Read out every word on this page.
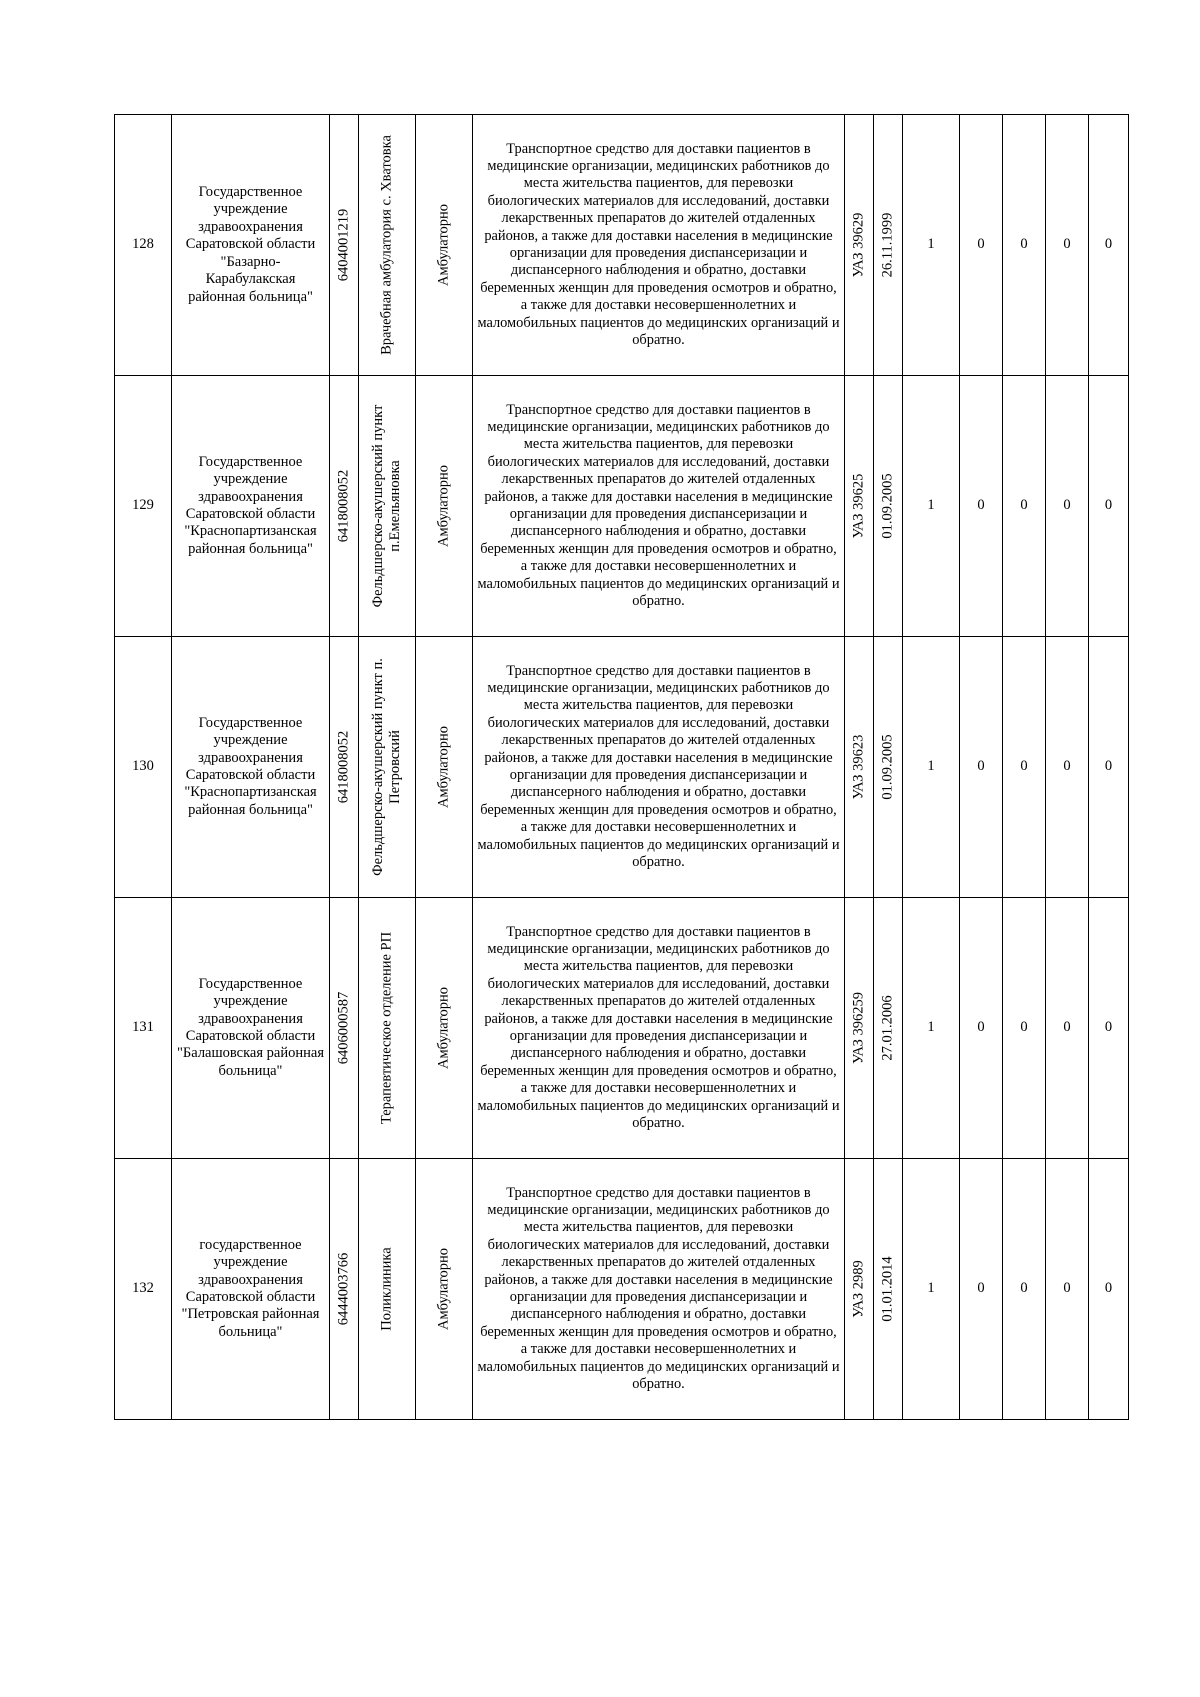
128	Государственное учреждение здравоохранения Саратовской области "Базарно-Карабулакская районная больница"	6404001219	Врачебная амбулатория с. Хватовка	Амбулаторно	Транспортное средство для доставки пациентов в медицинские организации, медицинских работников до места жительства пациентов, для перевозки биологических материалов для исследований, доставки лекарственных препаратов до жителей отдаленных районов, а также для доставки населения в медицинские организации для проведения диспансеризации и диспансерного наблюдения и обратно, доставки беременных женщин для проведения осмотров и обратно, а также для доставки несовершеннолетних и маломобильных пациентов до медицинских организаций и обратно.	УАЗ 39629	26.11.1999	1	0	0	0	0
129	Государственное учреждение здравоохранения Саратовской области "Краснопартизанская районная больница"	6418008052	Фельдшерско-акушерский пункт п.Емельяновка	Амбулаторно	Транспортное средство для доставки пациентов в медицинские организации, медицинских работников до места жительства пациентов, для перевозки биологических материалов для исследований, доставки лекарственных препаратов до жителей отдаленных районов, а также для доставки населения в медицинские организации для проведения диспансеризации и диспансерного наблюдения и обратно, доставки беременных женщин для проведения осмотров и обратно, а также для доставки несовершеннолетних и маломобильных пациентов до медицинских организаций и обратно.	УАЗ 39625	01.09.2005	1	0	0	0	0
130	Государственное учреждение здравоохранения Саратовской области "Краснопартизанская районная больница"	6418008052	Фельдшерско-акушерский пункт п. Петровский	Амбулаторно	Транспортное средство для доставки пациентов в медицинские организации, медицинских работников до места жительства пациентов, для перевозки биологических материалов для исследований, доставки лекарственных препаратов до жителей отдаленных районов, а также для доставки населения в медицинские организации для проведения диспансеризации и диспансерного наблюдения и обратно, доставки беременных женщин для проведения осмотров и обратно, а также для доставки несовершеннолетних и маломобильных пациентов до медицинских организаций и обратно.	УАЗ 39623	01.09.2005	1	0	0	0	0
131	Государственное учреждение здравоохранения Саратовской области "Балашовская районная больница"	6406000587	Терапевтическое отделение РП	Амбулаторно	Транспортное средство для доставки пациентов в медицинские организации, медицинских работников до места жительства пациентов, для перевозки биологических материалов для исследований, доставки лекарственных препаратов до жителей отдаленных районов, а также для доставки населения в медицинские организации для проведения диспансеризации и диспансерного наблюдения и обратно, доставки беременных женщин для проведения осмотров и обратно, а также для доставки несовершеннолетних и маломобильных пациентов до медицинских организаций и обратно.	УАЗ 396259	27.01.2006	1	0	0	0	0
132	государственное учреждение здравоохранения Саратовской области "Петровская районная больница"	6444003766	Поликлиника	Амбулаторно	Транспортное средство для доставки пациентов в медицинские организации, медицинских работников до места жительства пациентов, для перевозки биологических материалов для исследований, доставки лекарственных препаратов до жителей отдаленных районов, а также для доставки населения в медицинские организации для проведения диспансеризации и диспансерного наблюдения и обратно, доставки беременных женщин для проведения осмотров и обратно, а также для доставки несовершеннолетних и маломобильных пациентов до медицинских организаций и обратно.	УАЗ 2989	01.01.2014	1	0	0	0	0
